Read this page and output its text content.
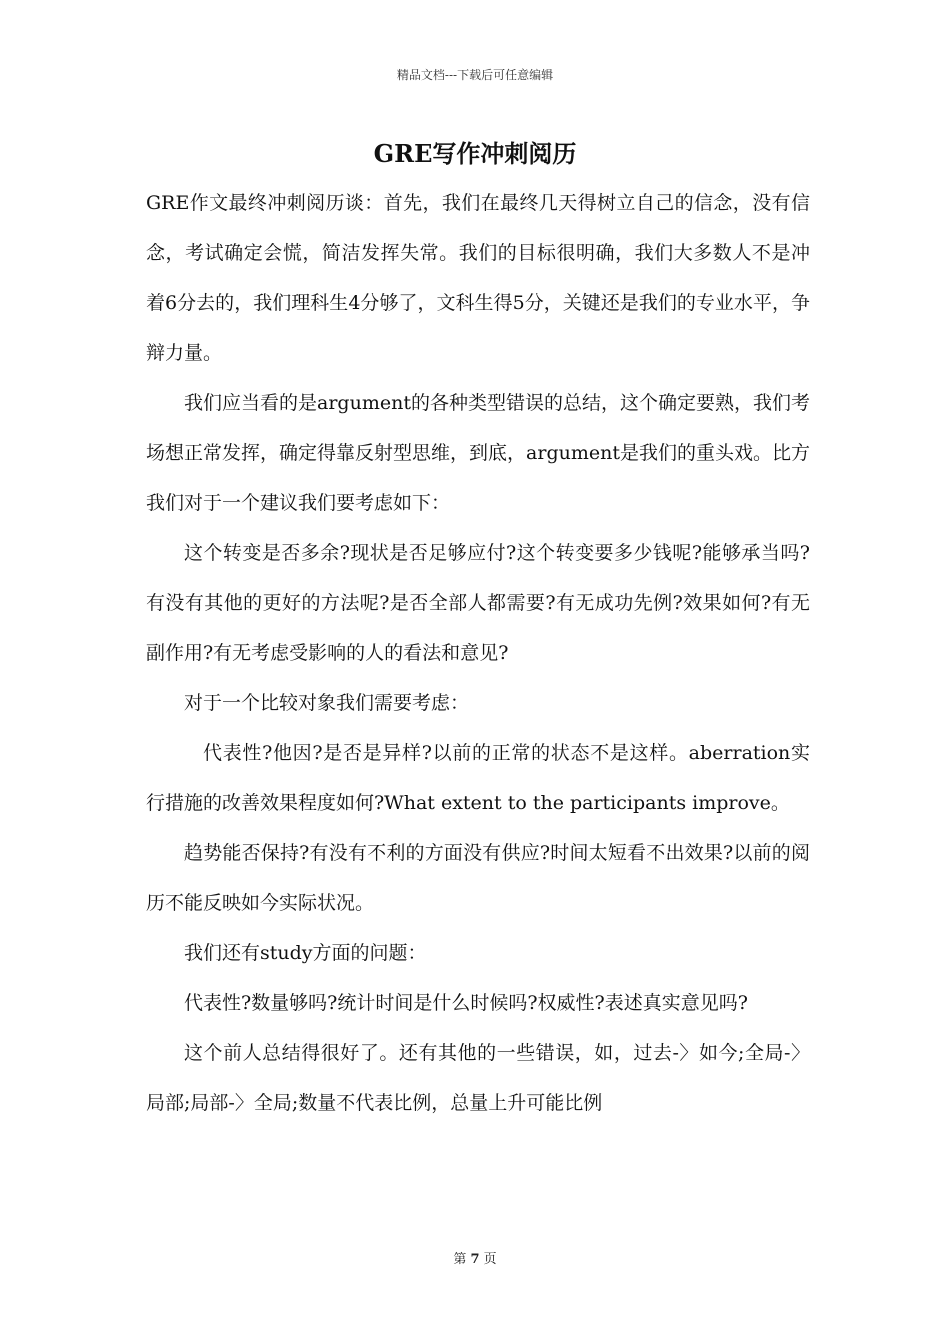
精品文档---下载后可任意编辑
GRE写作冲刺阅历

GRE作文最终冲刺阅历谈：首先，我们在最终几天得树立自己的信念，没有信念，考试确定会慌，简洁发挥失常。我们的目标很明确，我们大多数人不是冲着6分去的，我们理科生4分够了，文科生得5分，关键还是我们的专业水平，争辩力量。

我们应当看的是argument的各种类型错误的总结，这个确定要熟，我们考场想正常发挥，确定得靠反射型思维，到底，argument是我们的重头戏。比方我们对于一个建议我们要考虑如下：

这个转变是否多余?现状是否足够应付?这个转变要多少钱呢?能够承当吗?有没有其他的更好的方法呢?是否全部人都需要?有无成功先例?效果如何?有无副作用?有无考虑受影响的人的看法和意见?

对于一个比较对象我们需要考虑：

代表性?他因?是否是异样?以前的正常的状态不是这样。aberration实行措施的改善效果程度如何?What extent to the participants improve。

趋势能否保持?有没有不利的方面没有供应?时间太短看不出效果?以前的阅历不能反映如今实际状况。

我们还有study方面的问题：

代表性?数量够吗?统计时间是什么时候吗?权威性?表述真实意见吗?

这个前人总结得很好了。还有其他的一些错误，如，过去-〉如今;全局-〉局部;局部-〉全局;数量不代表比例，总量上升可能比例

第 7 页
